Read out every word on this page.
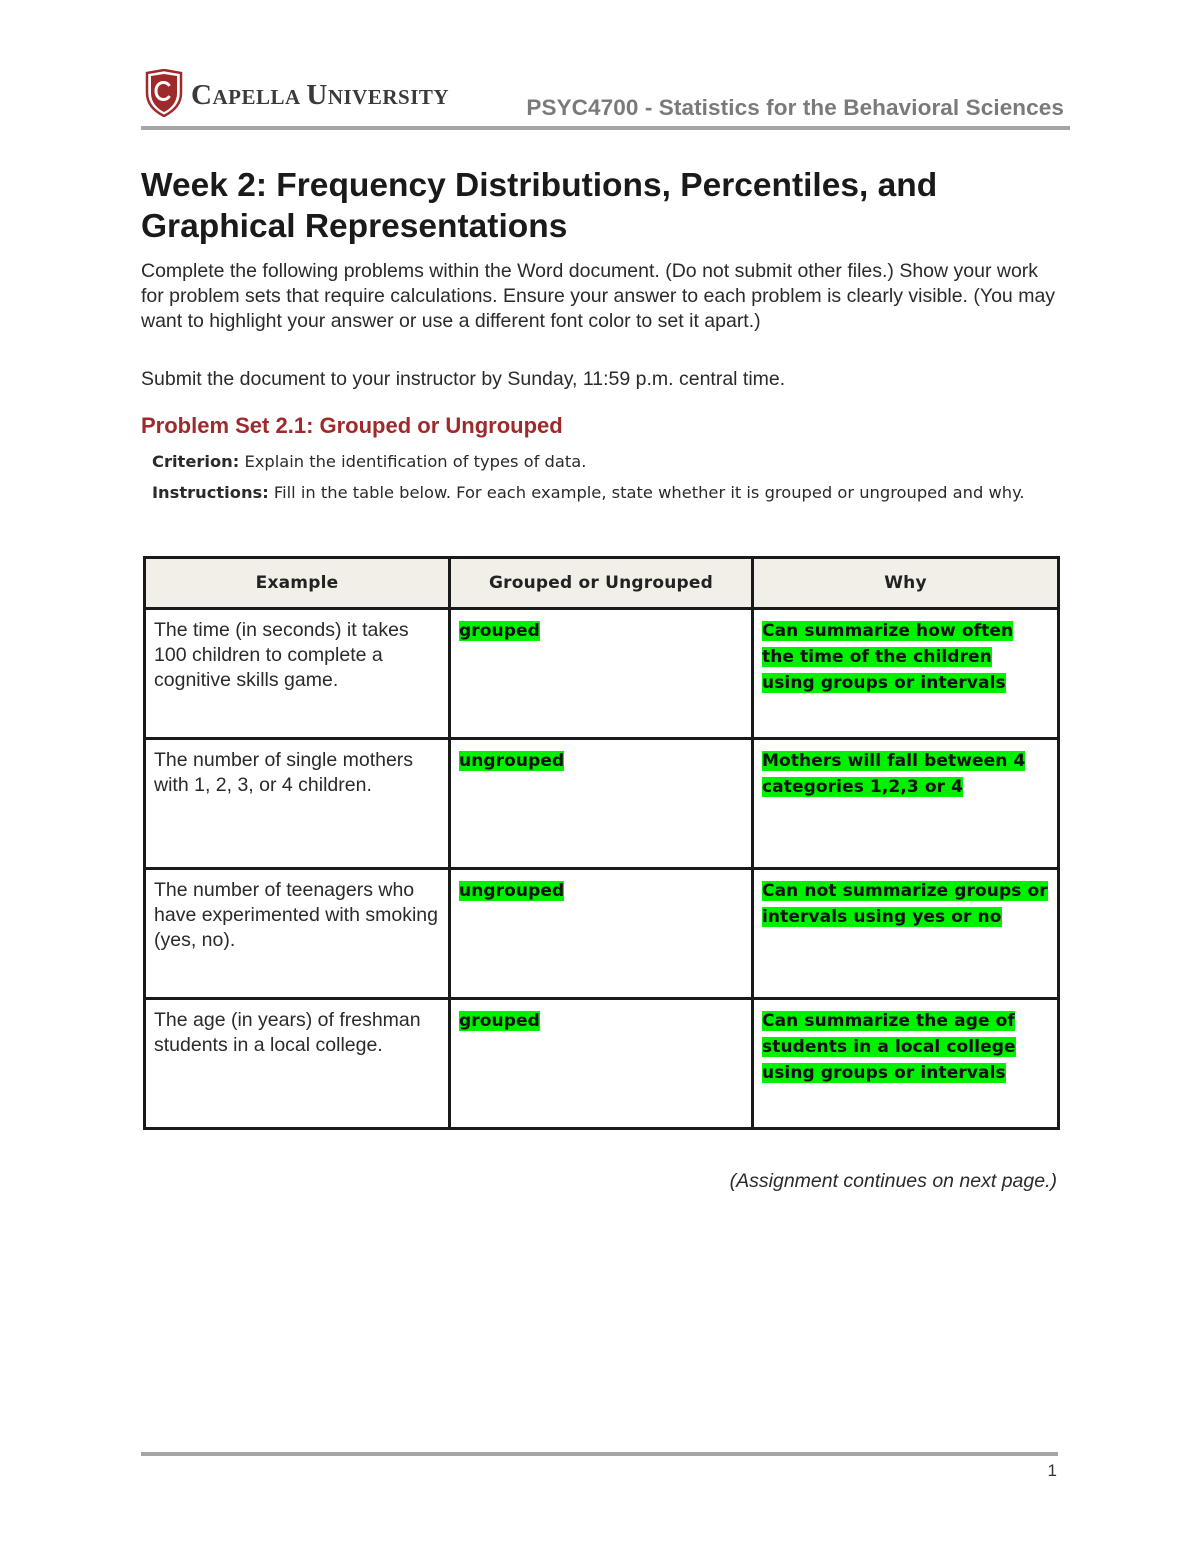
CAPELLA UNIVERSITY	PSYC4700 - Statistics for the Behavioral Sciences
Week 2: Frequency Distributions, Percentiles, and Graphical Representations

Complete the following problems within the Word document. (Do not submit other files.) Show your work for problem sets that require calculations. Ensure your answer to each problem is clearly visible. (You may want to highlight your answer or use a different font color to set it apart.)

Submit the document to your instructor by Sunday, 11:59 p.m. central time.

Problem Set 2.1: Grouped or Ungrouped

Criterion: Explain the identification of types of data.

Instructions: Fill in the table below. For each example, state whether it is grouped or ungrouped and why.

Example	Grouped or Ungrouped	Why
The time (in seconds) it takes 100 children to complete a cognitive skills game.	grouped	Can summarize how often the time of the children using groups or intervals
The number of single mothers with 1, 2, 3, or 4 children.	ungrouped	Mothers will fall between 4 categories 1,2,3 or 4
The number of teenagers who have experimented with smoking (yes, no).	ungrouped	Can not summarize groups or intervals using yes or no
The age (in years) of freshman students in a local college.	grouped	Can summarize the age of students in a local college using groups or intervals
(Assignment continues on next page.)
1
